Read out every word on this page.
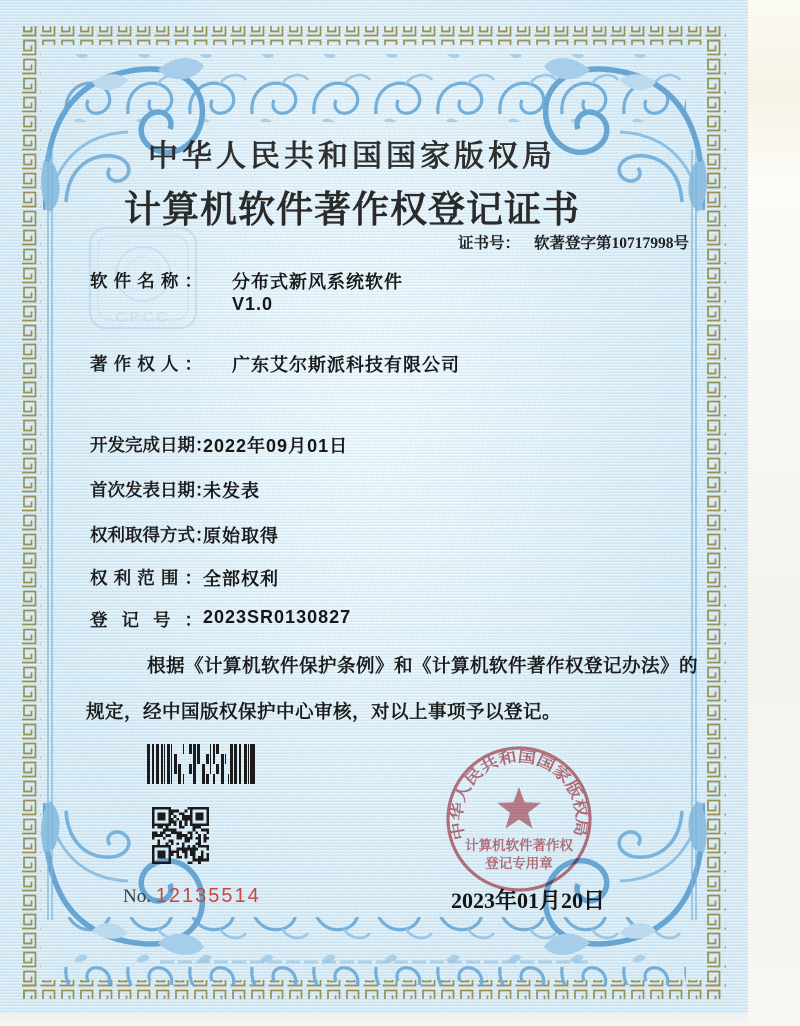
CPCC
中华人民共和国国家版权局
计算机软件著作权登记证书
证书号： 软著登字第10717998号
软件名称： 分布式新风系统软件
V1.0
著作权人： 广东艾尔斯派科技有限公司
开发完成日期：
2022年09月01日
首次发表日期：
未发表
权利取得方式：
原始取得
权利范围： 全部权利
登记号： 2023SR0130827
根据《计算机软件保护条例》和《计算机软件著作权登记办法》的
规定，经中国版权保护中心审核，对以上事项予以登记。
No. 12135514	2023年01月20日
中华人民共和国国家版权局
计算机软件著作权
登记专用章
